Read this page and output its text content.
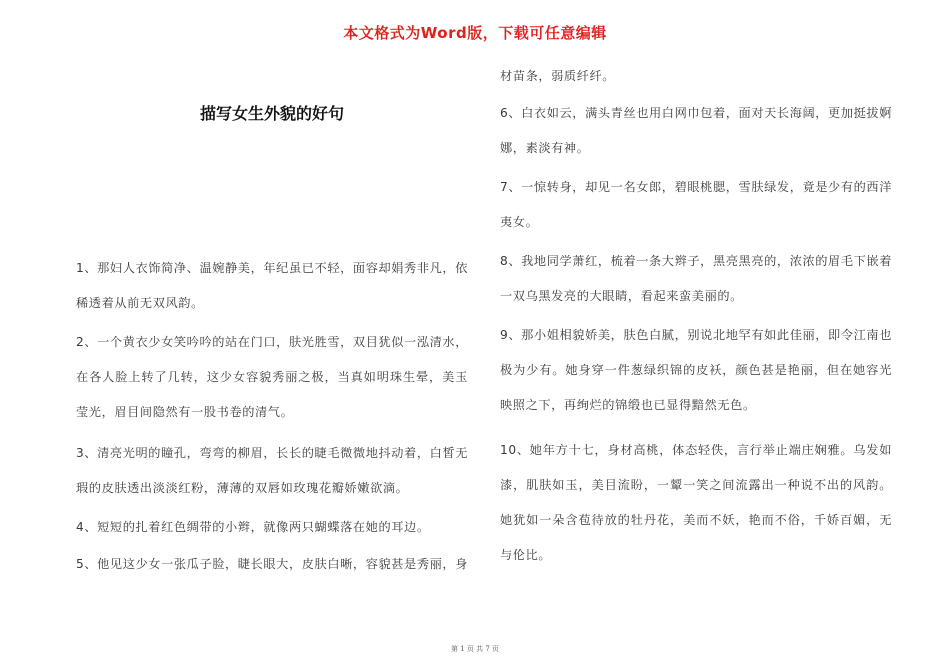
本文格式为Word版，下载可任意编辑
描写女生外貌的好句
1、那妇人衣饰简净、温婉静美，年纪虽已不轻，面容却娟秀非凡，依稀透着从前无双风韵。
2、一个黄衣少女笑吟吟的站在门口，肤光胜雪，双目犹似一泓清水，在各人脸上转了几转，这少女容貌秀丽之极，当真如明珠生晕，美玉莹光，眉目间隐然有一股书卷的清气。
3、清亮光明的瞳孔，弯弯的柳眉，长长的睫毛微微地抖动着，白皙无瑕的皮肤透出淡淡红粉，薄薄的双唇如玫瑰花瓣娇嫩欲滴。
4、短短的扎着红色绸带的小辫，就像两只蝴蝶落在她的耳边。
5、他见这少女一张瓜子脸，睫长眼大，皮肤白晰，容貌甚是秀丽，身
材苗条，弱质纤纤。
6、白衣如云，满头青丝也用白网巾包着，面对天长海阔，更加挺拔婀娜，素淡有神。
7、一惊转身，却见一名女郎，碧眼桃腮，雪肤绿发，竟是少有的西洋夷女。
8、我地同学萧红，梳着一条大辫子，黑亮黑亮的，浓浓的眉毛下嵌着一双乌黑发亮的大眼睛，看起来蛮美丽的。
9、那小姐相貌娇美，肤色白腻，别说北地罕有如此佳丽，即令江南也极为少有。她身穿一件葱绿织锦的皮袄，颜色甚是艳丽，但在她容光映照之下，再绚烂的锦缎也已显得黯然无色。
10、她年方十七，身材高桃，体态轻佚，言行举止端庄娴雅。乌发如漆，肌肤如玉，美目流盼，一颦一笑之间流露出一种说不出的风韵。她犹如一朵含苞待放的牡丹花，美而不妖，艳而不俗，千娇百媚，无与伦比。
第 1 页 共 7 页
